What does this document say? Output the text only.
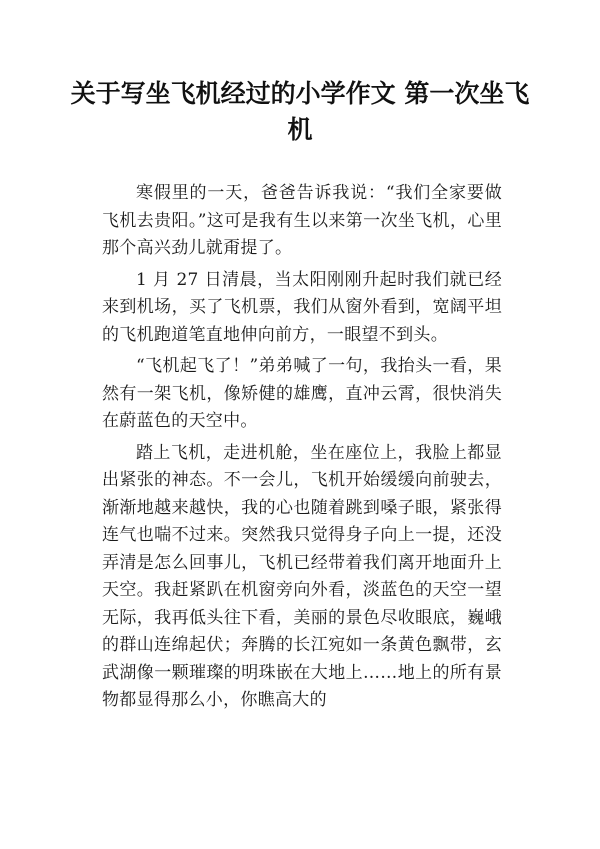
关于写坐飞机经过的小学作文 第一次坐飞机

寒假里的一天，爸爸告诉我说：“我们全家要做飞机去贵阳。”这可是我有生以来第一次坐飞机，心里那个高兴劲儿就甭提了。

1 月 27 日清晨，当太阳刚刚升起时我们就已经来到机场，买了飞机票，我们从窗外看到，宽阔平坦的飞机跑道笔直地伸向前方，一眼望不到头。

“飞机起飞了！”弟弟喊了一句，我抬头一看，果然有一架飞机，像矫健的雄鹰，直冲云霄，很快消失在蔚蓝色的天空中。

踏上飞机，走进机舱，坐在座位上，我脸上都显出紧张的神态。不一会儿，飞机开始缓缓向前驶去，渐渐地越来越快，我的心也随着跳到嗓子眼，紧张得连气也喘不过来。突然我只觉得身子向上一提，还没弄清是怎么回事儿，飞机已经带着我们离开地面升上天空。我赶紧趴在机窗旁向外看，淡蓝色的天空一望无际，我再低头往下看，美丽的景色尽收眼底，巍峨的群山连绵起伏；奔腾的长江宛如一条黄色飘带，玄武湖像一颗璀璨的明珠嵌在大地上……地上的所有景物都显得那么小，你瞧高大的
